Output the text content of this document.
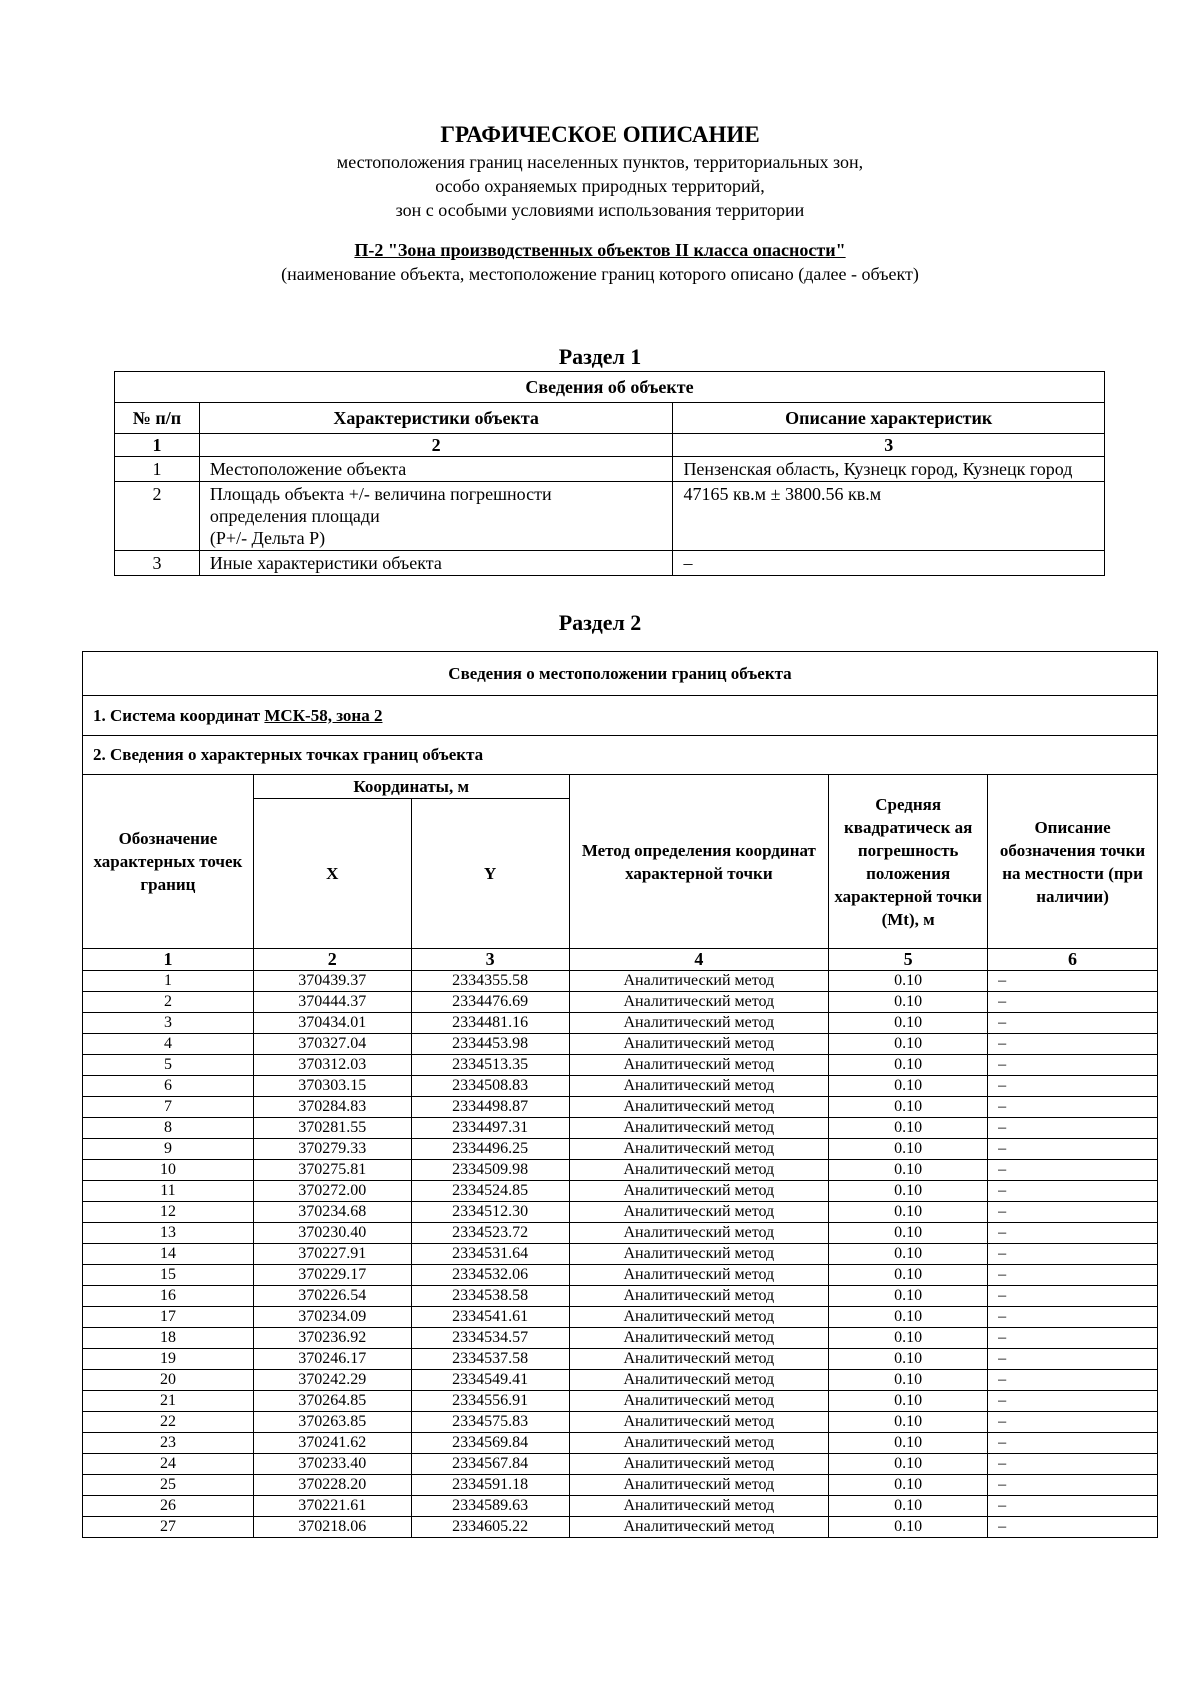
ГРАФИЧЕСКОЕ ОПИСАНИЕ
местоположения границ населенных пунктов, территориальных зон,
особо охраняемых природных территорий,
зон с особыми условиями использования территории
П-2 "Зона производственных объектов II класса опасности"
(наименование объекта, местоположение границ которого описано (далее - объект)
Раздел 1
Сведения об объекте		
№ п/п	Характеристики объекта	Описание характеристик
1	2	3
1	Местоположение объекта	Пензенская область, Кузнецк город, Кузнецк город
2	Площадь объекта +/- величина погрешности
определения площади
(P+/- Дельта P)	47165 кв.м ± 3800.56 кв.м
3	Иные характеристики объекта	–
Раздел 2
Сведения о местоположении границ объекта					
1. Система координат МСК-58, зона 2					
2. Сведения о характерных точках границ объекта					
Обозначение характерных точек границ	Координаты, м		Метод определения координат характерной точки	Средняя квадратическ ая погрешность положения характерной точки (Mt), м	Описание обозначения точки на местности (при наличии)
	X	Y			
1	2	3	4	5	6
1	370439.37	2334355.58	Аналитический метод	0.10	–
2	370444.37	2334476.69	Аналитический метод	0.10	–
3	370434.01	2334481.16	Аналитический метод	0.10	–
4	370327.04	2334453.98	Аналитический метод	0.10	–
5	370312.03	2334513.35	Аналитический метод	0.10	–
6	370303.15	2334508.83	Аналитический метод	0.10	–
7	370284.83	2334498.87	Аналитический метод	0.10	–
8	370281.55	2334497.31	Аналитический метод	0.10	–
9	370279.33	2334496.25	Аналитический метод	0.10	–
10	370275.81	2334509.98	Аналитический метод	0.10	–
11	370272.00	2334524.85	Аналитический метод	0.10	–
12	370234.68	2334512.30	Аналитический метод	0.10	–
13	370230.40	2334523.72	Аналитический метод	0.10	–
14	370227.91	2334531.64	Аналитический метод	0.10	–
15	370229.17	2334532.06	Аналитический метод	0.10	–
16	370226.54	2334538.58	Аналитический метод	0.10	–
17	370234.09	2334541.61	Аналитический метод	0.10	–
18	370236.92	2334534.57	Аналитический метод	0.10	–
19	370246.17	2334537.58	Аналитический метод	0.10	–
20	370242.29	2334549.41	Аналитический метод	0.10	–
21	370264.85	2334556.91	Аналитический метод	0.10	–
22	370263.85	2334575.83	Аналитический метод	0.10	–
23	370241.62	2334569.84	Аналитический метод	0.10	–
24	370233.40	2334567.84	Аналитический метод	0.10	–
25	370228.20	2334591.18	Аналитический метод	0.10	–
26	370221.61	2334589.63	Аналитический метод	0.10	–
27	370218.06	2334605.22	Аналитический метод	0.10	–
